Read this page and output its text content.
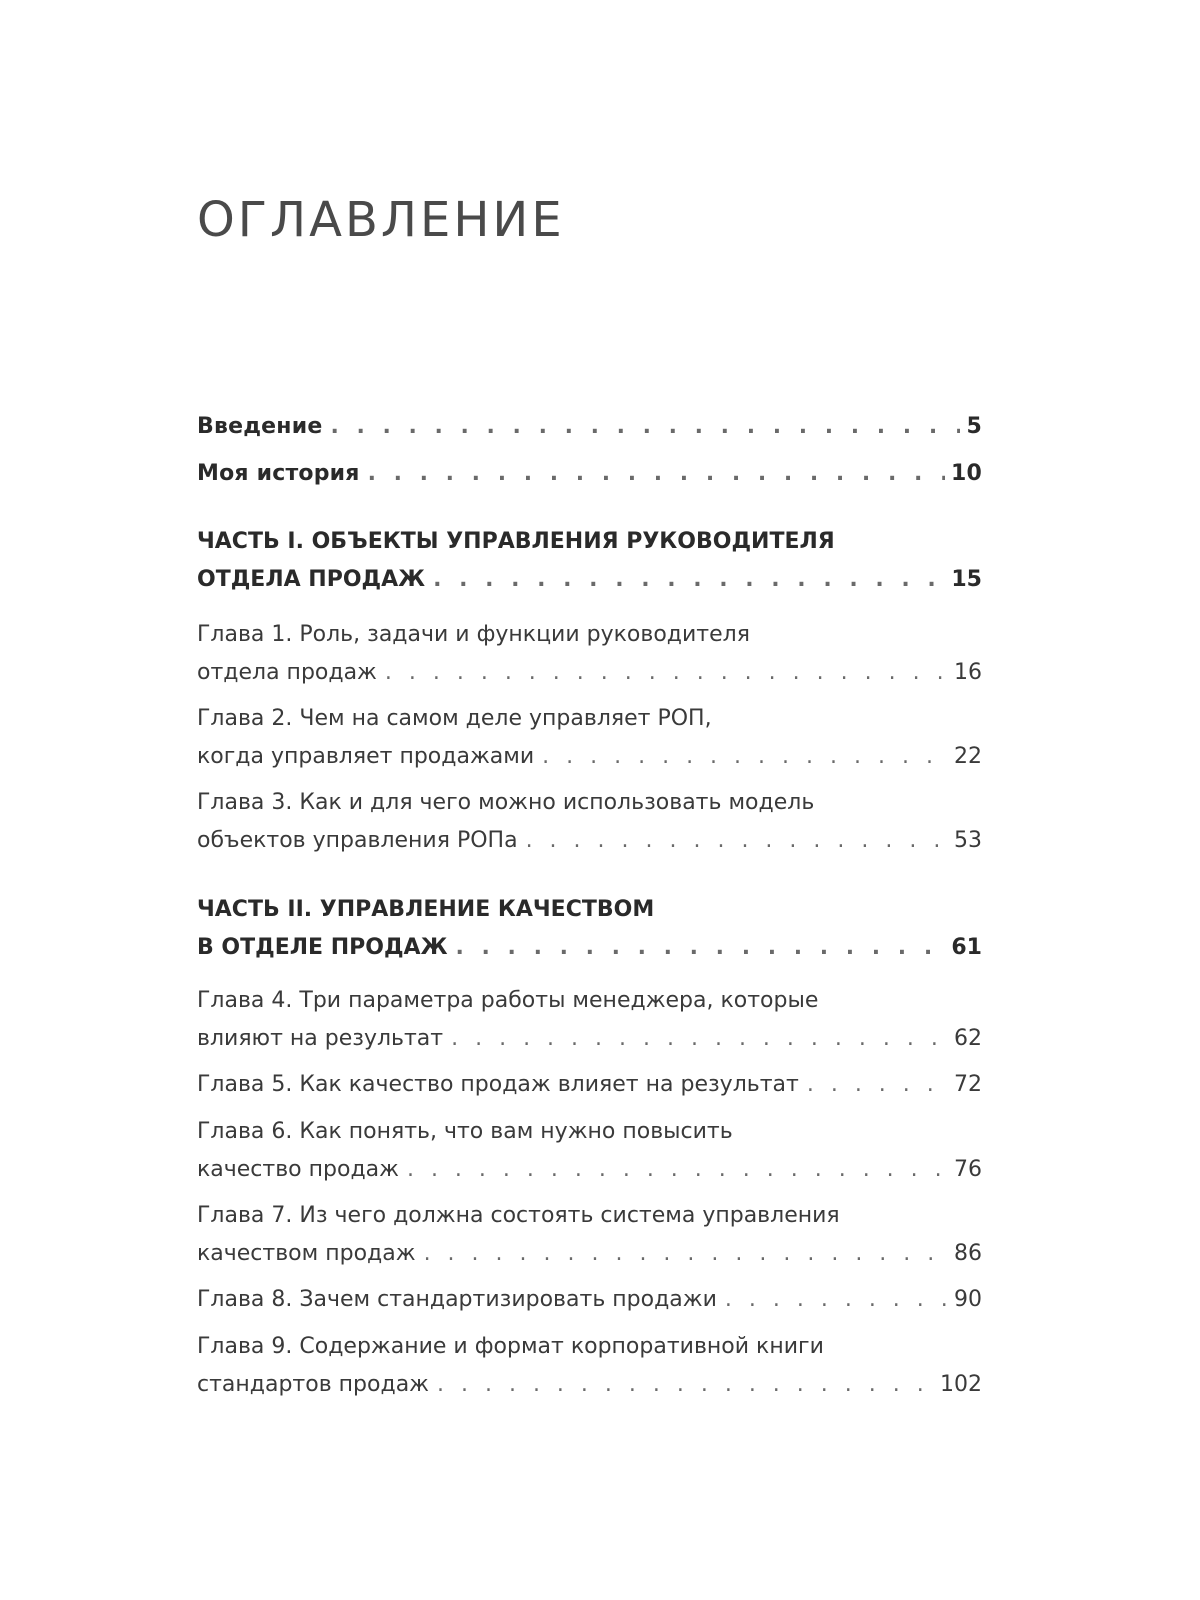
ОГЛАВЛЕНИЕ
Введение . . .	5
Моя история . . .	10
ЧАСТЬ I. ОБЪЕКТЫ УПРАВЛЕНИЯ РУКОВОДИТЕЛЯ
ОТДЕЛА ПРОДАЖ . . .	15
Глава 1. Роль, задачи и функции руководителя
отдела продаж . . .	16
Глава 2. Чем на самом деле управляет РОП,
когда управляет продажами . . .	22
Глава 3. Как и для чего можно использовать модель
объектов управления РОПа . . .	53
ЧАСТЬ II. УПРАВЛЕНИЕ КАЧЕСТВОМ
В ОТДЕЛЕ ПРОДАЖ . . .	61
Глава 4. Три параметра работы менеджера, которые
влияют на результат . . .	62
Глава 5. Как качество продаж влияет на результат . . .	72
Глава 6. Как понять, что вам нужно повысить
качество продаж . . .	76
Глава 7. Из чего должна состоять система управления
качеством продаж . . .	86
Глава 8. Зачем стандартизировать продажи . . .	90
Глава 9. Содержание и формат корпоративной книги
стандартов продаж . . .	102
